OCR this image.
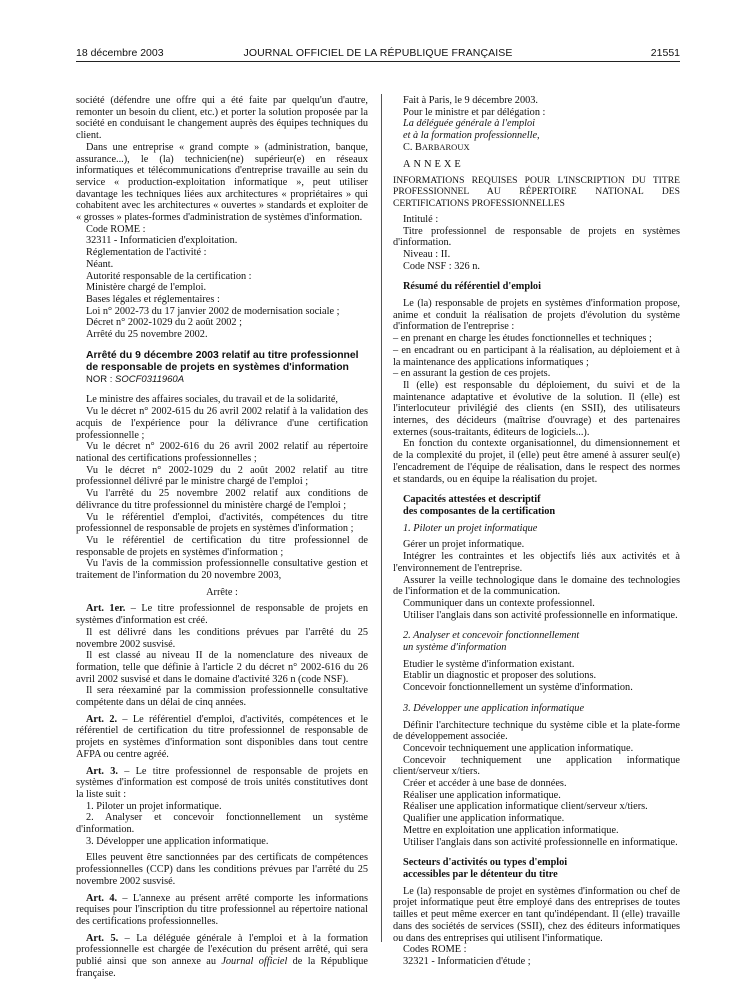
18 décembre 2003	JOURNAL OFFICIEL DE LA RÉPUBLIQUE FRANÇAISE	21551

société (défendre une offre qui a été faite par quelqu'un d'autre, remonter un besoin du client, etc.) et porter la solution proposée par la société en conduisant le changement auprès des équipes techniques du client.

Dans une entreprise « grand compte » (administration, banque, assurance...), le (la) technicien(ne) supérieur(e) en réseaux informatiques et télécommunications d'entreprise travaille au sein du service « production-exploitation informatique », peut utiliser davantage les techniques liées aux architectures « propriétaires » qui cohabitent avec les architectures « ouvertes » standards et exploiter de « grosses » plates-formes d'administration de systèmes d'information.

Code ROME :

32311 - Informaticien d'exploitation.

Réglementation de l'activité :

Néant.

Autorité responsable de la certification :

Ministère chargé de l'emploi.

Bases légales et réglementaires :

Loi n° 2002-73 du 17 janvier 2002 de modernisation sociale ;

Décret n° 2002-1029 du 2 août 2002 ;

Arrêté du 25 novembre 2002.

Arrêté du 9 décembre 2003 relatif au titre professionnel

de responsable de projets en systèmes d'information

NOR : SOCF0311960A

Le ministre des affaires sociales, du travail et de la solidarité,

Vu le décret n° 2002-615 du 26 avril 2002 relatif à la validation des acquis de l'expérience pour la délivrance d'une certification professionnelle ;

Vu le décret n° 2002-616 du 26 avril 2002 relatif au répertoire national des certifications professionnelles ;

Vu le décret n° 2002-1029 du 2 août 2002 relatif au titre professionnel délivré par le ministre chargé de l'emploi ;

Vu l'arrêté du 25 novembre 2002 relatif aux conditions de délivrance du titre professionnel du ministère chargé de l'emploi ;

Vu le référentiel d'emploi, d'activités, compétences du titre professionnel de responsable de projets en systèmes d'information ;

Vu le référentiel de certification du titre professionnel de responsable de projets en systèmes d'information ;

Vu l'avis de la commission professionnelle consultative gestion et traitement de l'information du 20 novembre 2003,

Arrête :

Art. 1er. – Le titre professionnel de responsable de projets en systèmes d'information est créé.

Il est délivré dans les conditions prévues par l'arrêté du 25 novembre 2002 susvisé.

Il est classé au niveau II de la nomenclature des niveaux de formation, telle que définie à l'article 2 du décret n° 2002-616 du 26 avril 2002 susvisé et dans le domaine d'activité 326 n (code NSF).

Il sera réexaminé par la commission professionnelle consultative compétente dans un délai de cinq années.

Art. 2. – Le référentiel d'emploi, d'activités, compétences et le référentiel de certification du titre professionnel de responsable de projets en systèmes d'information sont disponibles dans tout centre AFPA ou centre agréé.

Art. 3. – Le titre professionnel de responsable de projets en systèmes d'information est composé de trois unités constitutives dont la liste suit :

1. Piloter un projet informatique.

2. Analyser et concevoir fonctionnellement un système d'information.

3. Développer une application informatique.

Elles peuvent être sanctionnées par des certificats de compétences professionnelles (CCP) dans les conditions prévues par l'arrêté du 25 novembre 2002 susvisé.

Art. 4. – L'annexe au présent arrêté comporte les informations requises pour l'inscription du titre professionnel au répertoire national des certifications professionnelles.

Art. 5. – La déléguée générale à l'emploi et à la formation professionnelle est chargée de l'exécution du présent arrêté, qui sera publié ainsi que son annexe au Journal officiel de la République française.

Fait à Paris, le 9 décembre 2003.

Pour le ministre et par délégation :

La déléguée générale à l'emploi

et à la formation professionnelle,

C. BARBAROUX

ANNEXE

INFORMATIONS REQUISES POUR L'INSCRIPTION DU TITRE PROFESSIONNEL AU RÉPERTOIRE NATIONAL DES CERTIFICATIONS PROFESSIONNELLES

Intitulé :

Titre professionnel de responsable de projets en systèmes d'information.

Niveau : II.

Code NSF : 326 n.

Résumé du référentiel d'emploi

Le (la) responsable de projets en systèmes d'information propose, anime et conduit la réalisation de projets d'évolution du système d'information de l'entreprise :

– en prenant en charge les études fonctionnelles et techniques ;

– en encadrant ou en participant à la réalisation, au déploiement et à la maintenance des applications informatiques ;

– en assurant la gestion de ces projets.

Il (elle) est responsable du déploiement, du suivi et de la maintenance adaptative et évolutive de la solution. Il (elle) est l'interlocuteur privilégié des clients (en SSII), des utilisateurs internes, des décideurs (maîtrise d'ouvrage) et des partenaires externes (sous-traitants, éditeurs de logiciels...).

En fonction du contexte organisationnel, du dimensionnement et de la complexité du projet, il (elle) peut être amené à assurer seul(e) l'encadrement de l'équipe de réalisation, dans le respect des normes et standards, ou en équipe la réalisation du projet.

Capacités attestées et descriptif

des composantes de la certification

1. Piloter un projet informatique

Gérer un projet informatique.

Intégrer les contraintes et les objectifs liés aux activités et à l'environnement de l'entreprise.

Assurer la veille technologique dans le domaine des technologies de l'information et de la communication.

Communiquer dans un contexte professionnel.

Utiliser l'anglais dans son activité professionnelle en informatique.

2. Analyser et concevoir fonctionnellement

un système d'information

Etudier le système d'information existant.

Etablir un diagnostic et proposer des solutions.

Concevoir fonctionnellement un système d'information.

3. Développer une application informatique

Définir l'architecture technique du système cible et la plate-forme de développement associée.

Concevoir techniquement une application informatique.

Concevoir techniquement une application informatique client/serveur x/tiers.

Créer et accéder à une base de données.

Réaliser une application informatique.

Réaliser une application informatique client/serveur x/tiers.

Qualifier une application informatique.

Mettre en exploitation une application informatique.

Utiliser l'anglais dans son activité professionnelle en informatique.

Secteurs d'activités ou types d'emploi

accessibles par le détenteur du titre

Le (la) responsable de projet en systèmes d'information ou chef de projet informatique peut être employé dans des entreprises de toutes tailles et peut même exercer en tant qu'indépendant. Il (elle) travaille dans des sociétés de services (SSII), chez des éditeurs informatiques ou dans des entreprises qui utilisent l'informatique.

Codes ROME :

32321 - Informaticien d'étude ;
